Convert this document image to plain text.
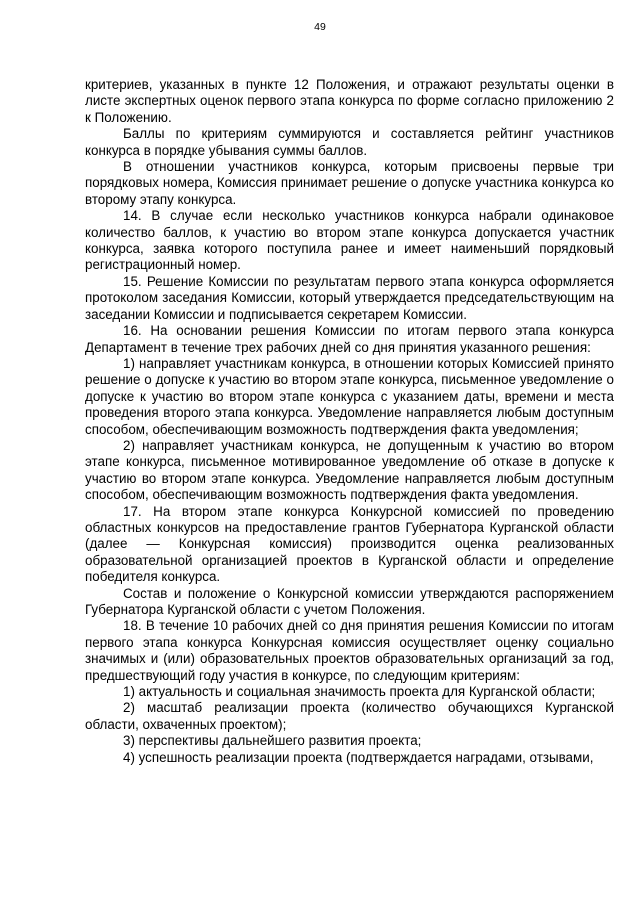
49

критериев, указанных в пункте 12 Положения, и отражают результаты оценки в листе экспертных оценок первого этапа конкурса по форме согласно приложению 2 к Положению.

Баллы по критериям суммируются и составляется рейтинг участников конкурса в порядке убывания суммы баллов.

В отношении участников конкурса, которым присвоены первые три порядковых номера, Комиссия принимает решение о допуске участника конкурса ко второму этапу конкурса.

14. В случае если несколько участников конкурса набрали одинаковое количество баллов, к участию во втором этапе конкурса допускается участник конкурса, заявка которого поступила ранее и имеет наименьший порядковый регистрационный номер.

15. Решение Комиссии по результатам первого этапа конкурса оформляется протоколом заседания Комиссии, который утверждается председательствующим на заседании Комиссии и подписывается секретарем Комиссии.

16. На основании решения Комиссии по итогам первого этапа конкурса Департамент в течение трех рабочих дней со дня принятия указанного решения:

1) направляет участникам конкурса, в отношении которых Комиссией принято решение о допуске к участию во втором этапе конкурса, письменное уведомление о допуске к участию во втором этапе конкурса с указанием даты, времени и места проведения второго этапа конкурса. Уведомление направляется любым доступным способом, обеспечивающим возможность подтверждения факта уведомления;

2) направляет участникам конкурса, не допущенным к участию во втором этапе конкурса, письменное мотивированное уведомление об отказе в допуске к участию во втором этапе конкурса. Уведомление направляется любым доступным способом, обеспечивающим возможность подтверждения факта уведомления.

17. На втором этапе конкурса Конкурсной комиссией по проведению областных конкурсов на предоставление грантов Губернатора Курганской области (далее — Конкурсная комиссия) производится оценка реализованных образовательной организацией проектов в Курганской области и определение победителя конкурса.

Состав и положение о Конкурсной комиссии утверждаются распоряжением Губернатора Курганской области с учетом Положения.

18. В течение 10 рабочих дней со дня принятия решения Комиссии по итогам первого этапа конкурса Конкурсная комиссия осуществляет оценку социально значимых и (или) образовательных проектов образовательных организаций за год, предшествующий году участия в конкурсе, по следующим критериям:

1) актуальность и социальная значимость проекта для Курганской области;

2) масштаб реализации проекта (количество обучающихся Курганской области, охваченных проектом);

3) перспективы дальнейшего развития проекта;

4) успешность реализации проекта (подтверждается наградами, отзывами,
